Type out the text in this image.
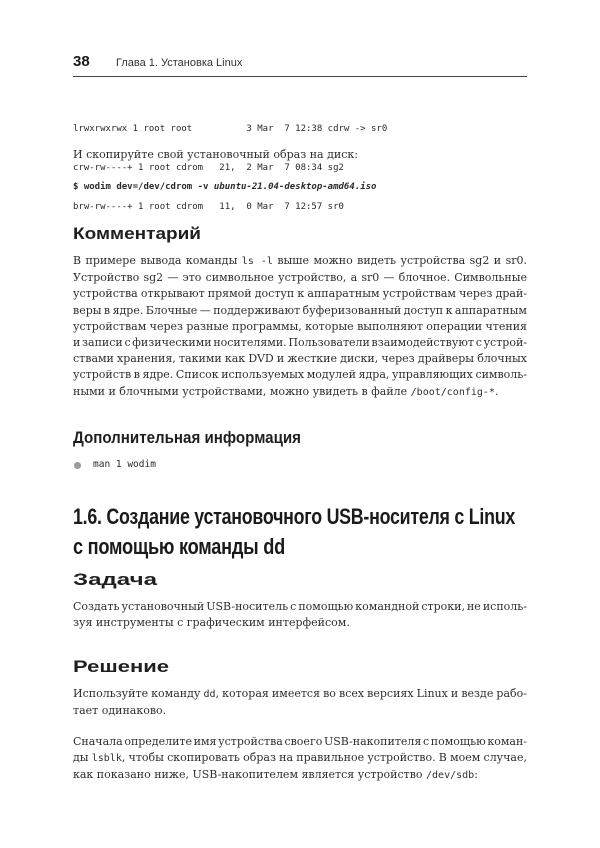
38 Глава 1. Установка Linux

lrwxrwxrwx 1 root root          3 Mar  7 12:38 cdrw -> sr0

crw-rw----+ 1 root cdrom   21,  2 Mar  7 08:34 sg2

brw-rw----+ 1 root cdrom   11,  0 Mar  7 12:57 sr0

И скопируйте свой установочный образ на диск:
$ wodim dev=/dev/cdrom -v ubuntu-21.04-desktop-amd64.iso
Комментарий
В примере вывода команды ls -l выше можно видеть устройства sg2 и sr0.
Устройство sg2 — это символьное устройство, а sr0 — блочное. Символьные
устройства открывают прямой доступ к аппаратным устройствам через драй-
веры в ядре. Блочные — поддерживают буферизованный доступ к аппаратным
устройствам через разные программы, которые выполняют операции чтения
и записи с физическими носителями. Пользователи взаимодействуют с устрой-
ствами хранения, такими как DVD и жесткие диски, через драйверы блочных
устройств в ядре. Список используемых модулей ядра, управляющих символь-
ными и блочными устройствами, можно увидеть в файле /boot/config-*.
Дополнительная информация
man 1 wodim
1.6. Создание установочного USB-носителя с Linux
с помощью команды dd
Задача
Создать установочный USB-носитель с помощью командной строки, не исполь-
зуя инструменты с графическим интерфейсом.
Решение
Используйте команду dd, которая имеется во всех версиях Linux и везде рабо-
тает одинаково.
Сначала определите имя устройства своего USB-накопителя с помощью коман-
ды lsblk, чтобы скопировать образ на правильное устройство. В моем случае,
как показано ниже, USB-накопителем является устройство /dev/sdb:
